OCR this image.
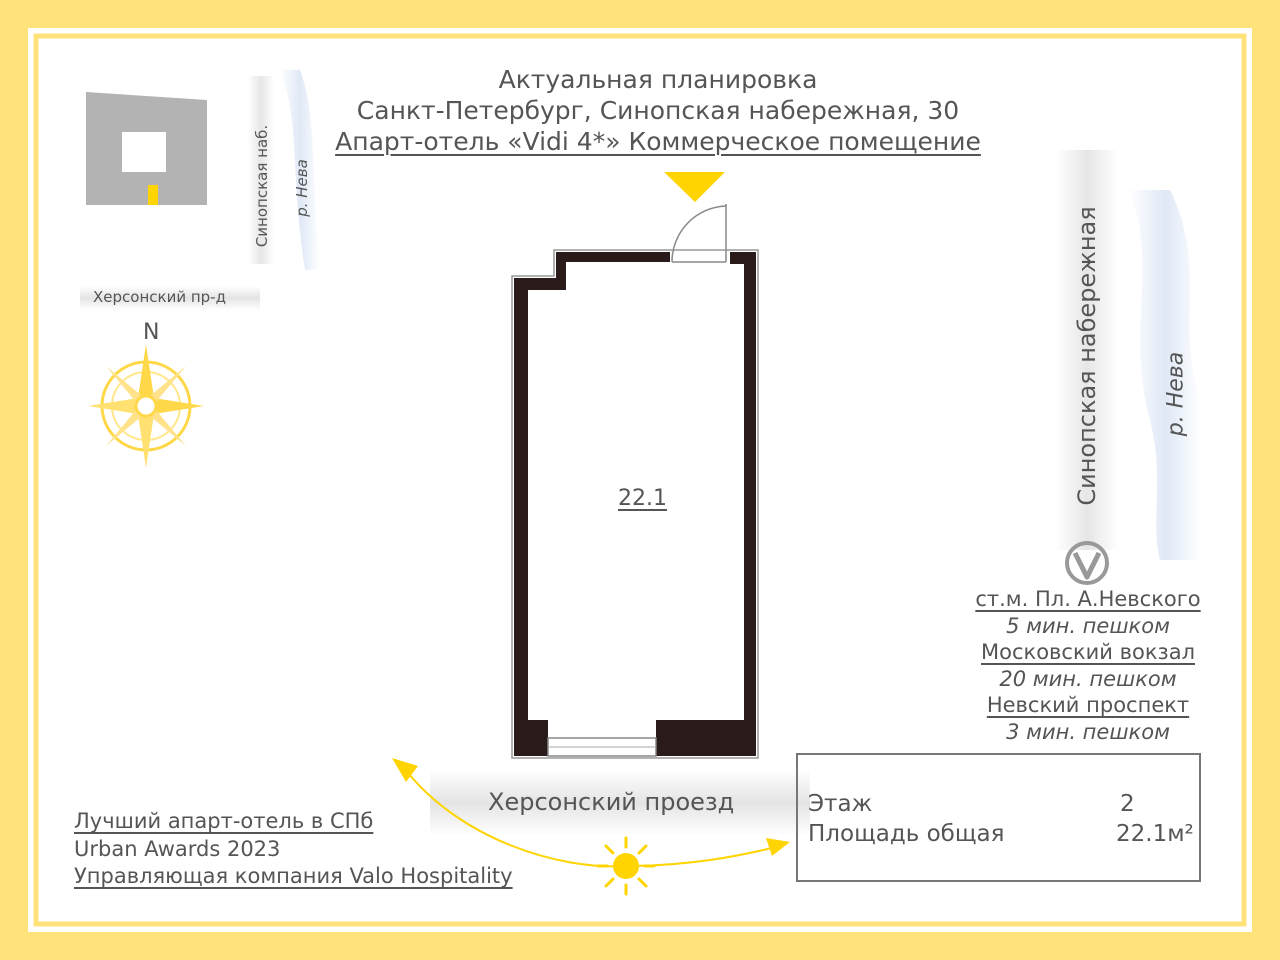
Актуальная планировка
Санкт-Петербург, Синопская набережная, 30
Апарт-отель «Vidi 4*» Коммерческое помещение
Синопская наб. р. Нева
Херсонский пр-д
N
22.1
Херсонский проезд
Синопская набережная	р. Нева
ст.м. Пл. А.Невского
5 мин. пешком
Московский вокзал
20 мин. пешком
Невский проспект
3 мин. пешком
Этаж	2
Площадь общая	22.1м²
Лучший апарт-отель в СПб
Urban Awards 2023
Управляющая компания Valo Hospitality
